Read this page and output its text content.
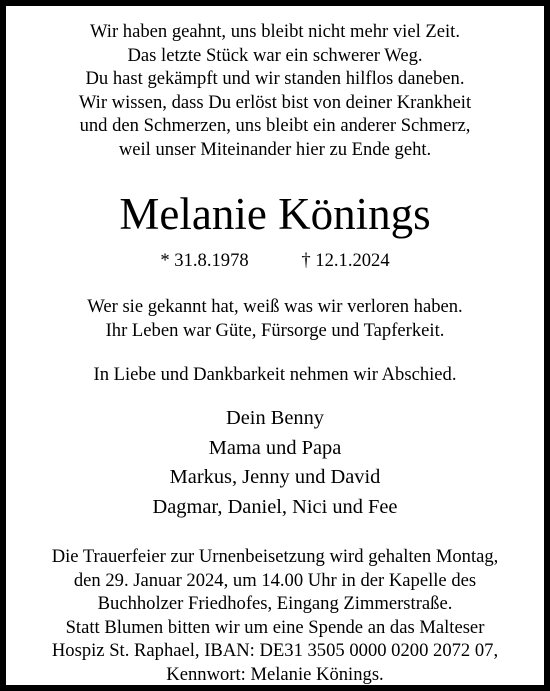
Wir haben geahnt, uns bleibt nicht mehr viel Zeit.
Das letzte Stück war ein schwerer Weg.
Du hast gekämpft und wir standen hilflos daneben.
Wir wissen, dass Du erlöst bist von deiner Krankheit
und den Schmerzen, uns bleibt ein anderer Schmerz,
weil unser Miteinander hier zu Ende geht.
Melanie Könings
* 31.8.1978	† 12.1.2024
Wer sie gekannt hat, weiß was wir verloren haben.
Ihr Leben war Güte, Fürsorge und Tapferkeit.
In Liebe und Dankbarkeit nehmen wir Abschied.
Dein Benny
Mama und Papa
Markus, Jenny und David
Dagmar, Daniel, Nici und Fee
Die Trauerfeier zur Urnenbeisetzung wird gehalten Montag,
den 29. Januar 2024, um 14.00 Uhr in der Kapelle des
Buchholzer Friedhofes, Eingang Zimmerstraße.
Statt Blumen bitten wir um eine Spende an das Malteser
Hospiz St. Raphael, IBAN: DE31 3505 0000 0200 2072 07,
Kennwort: Melanie Könings.
